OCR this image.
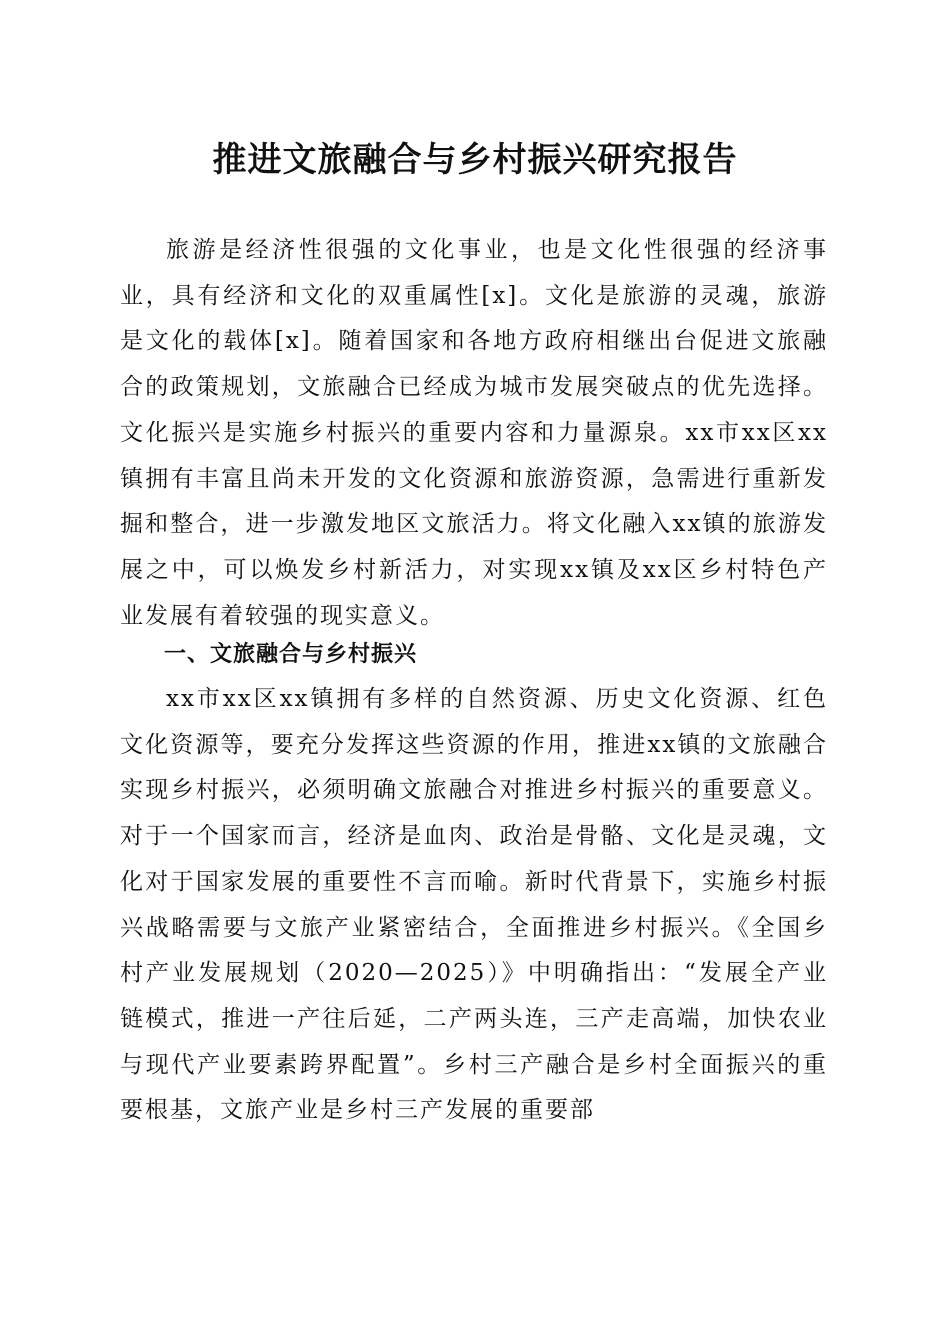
推进文旅融合与乡村振兴研究报告

旅游是经济性很强的文化事业，也是文化性很强的经济事业，具有经济和文化的双重属性[x]。文化是旅游的灵魂，旅游是文化的载体[x]。随着国家和各地方政府相继出台促进文旅融合的政策规划，文旅融合已经成为城市发展突破点的优先选择。文化振兴是实施乡村振兴的重要内容和力量源泉。xx市xx区xx镇拥有丰富且尚未开发的文化资源和旅游资源，急需进行重新发掘和整合，进一步激发地区文旅活力。将文化融入xx镇的旅游发展之中，可以焕发乡村新活力，对实现xx镇及xx区乡村特色产业发展有着较强的现实意义。

一、文旅融合与乡村振兴

xx市xx区xx镇拥有多样的自然资源、历史文化资源、红色文化资源等，要充分发挥这些资源的作用，推进xx镇的文旅融合实现乡村振兴，必须明确文旅融合对推进乡村振兴的重要意义。对于一个国家而言，经济是血肉、政治是骨骼、文化是灵魂，文化对于国家发展的重要性不言而喻。新时代背景下，实施乡村振兴战略需要与文旅产业紧密结合，全面推进乡村振兴。《全国乡村产业发展规划（2020—2025）》中明确指出：“发展全产业链模式，推进一产往后延，二产两头连，三产走高端，加快农业与现代产业要素跨界配置”。乡村三产融合是乡村全面振兴的重要根基，文旅产业是乡村三产发展的重要部
